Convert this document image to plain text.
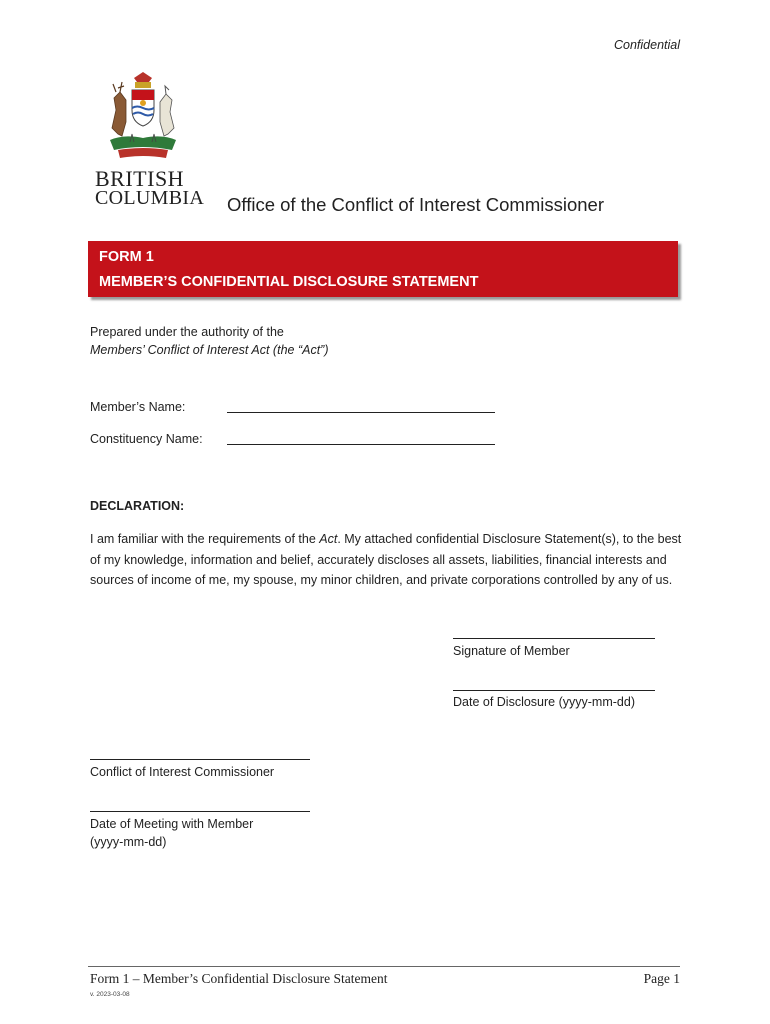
Confidential
BRITISH
COLUMBIA Office of the Conflict of Interest Commissioner
FORM 1
MEMBER’S CONFIDENTIAL DISCLOSURE STATEMENT
Prepared under the authority of the
Members’ Conflict of Interest Act (the “Act”)
Member’s Name:
Constituency Name:
DECLARATION:
I am familiar with the requirements of the Act. My attached confidential Disclosure Statement(s), to the best of my knowledge, information and belief, accurately discloses all assets, liabilities, financial interests and sources of income of me, my spouse, my minor children, and private corporations controlled by any of us.
Signature of Member
Date of Disclosure (yyyy-mm-dd)
Conflict of Interest Commissioner
Date of Meeting with Member
(yyyy-mm-dd)
Form 1 – Member’s Confidential Disclosure Statement	Page 1
v. 2023-03-08
